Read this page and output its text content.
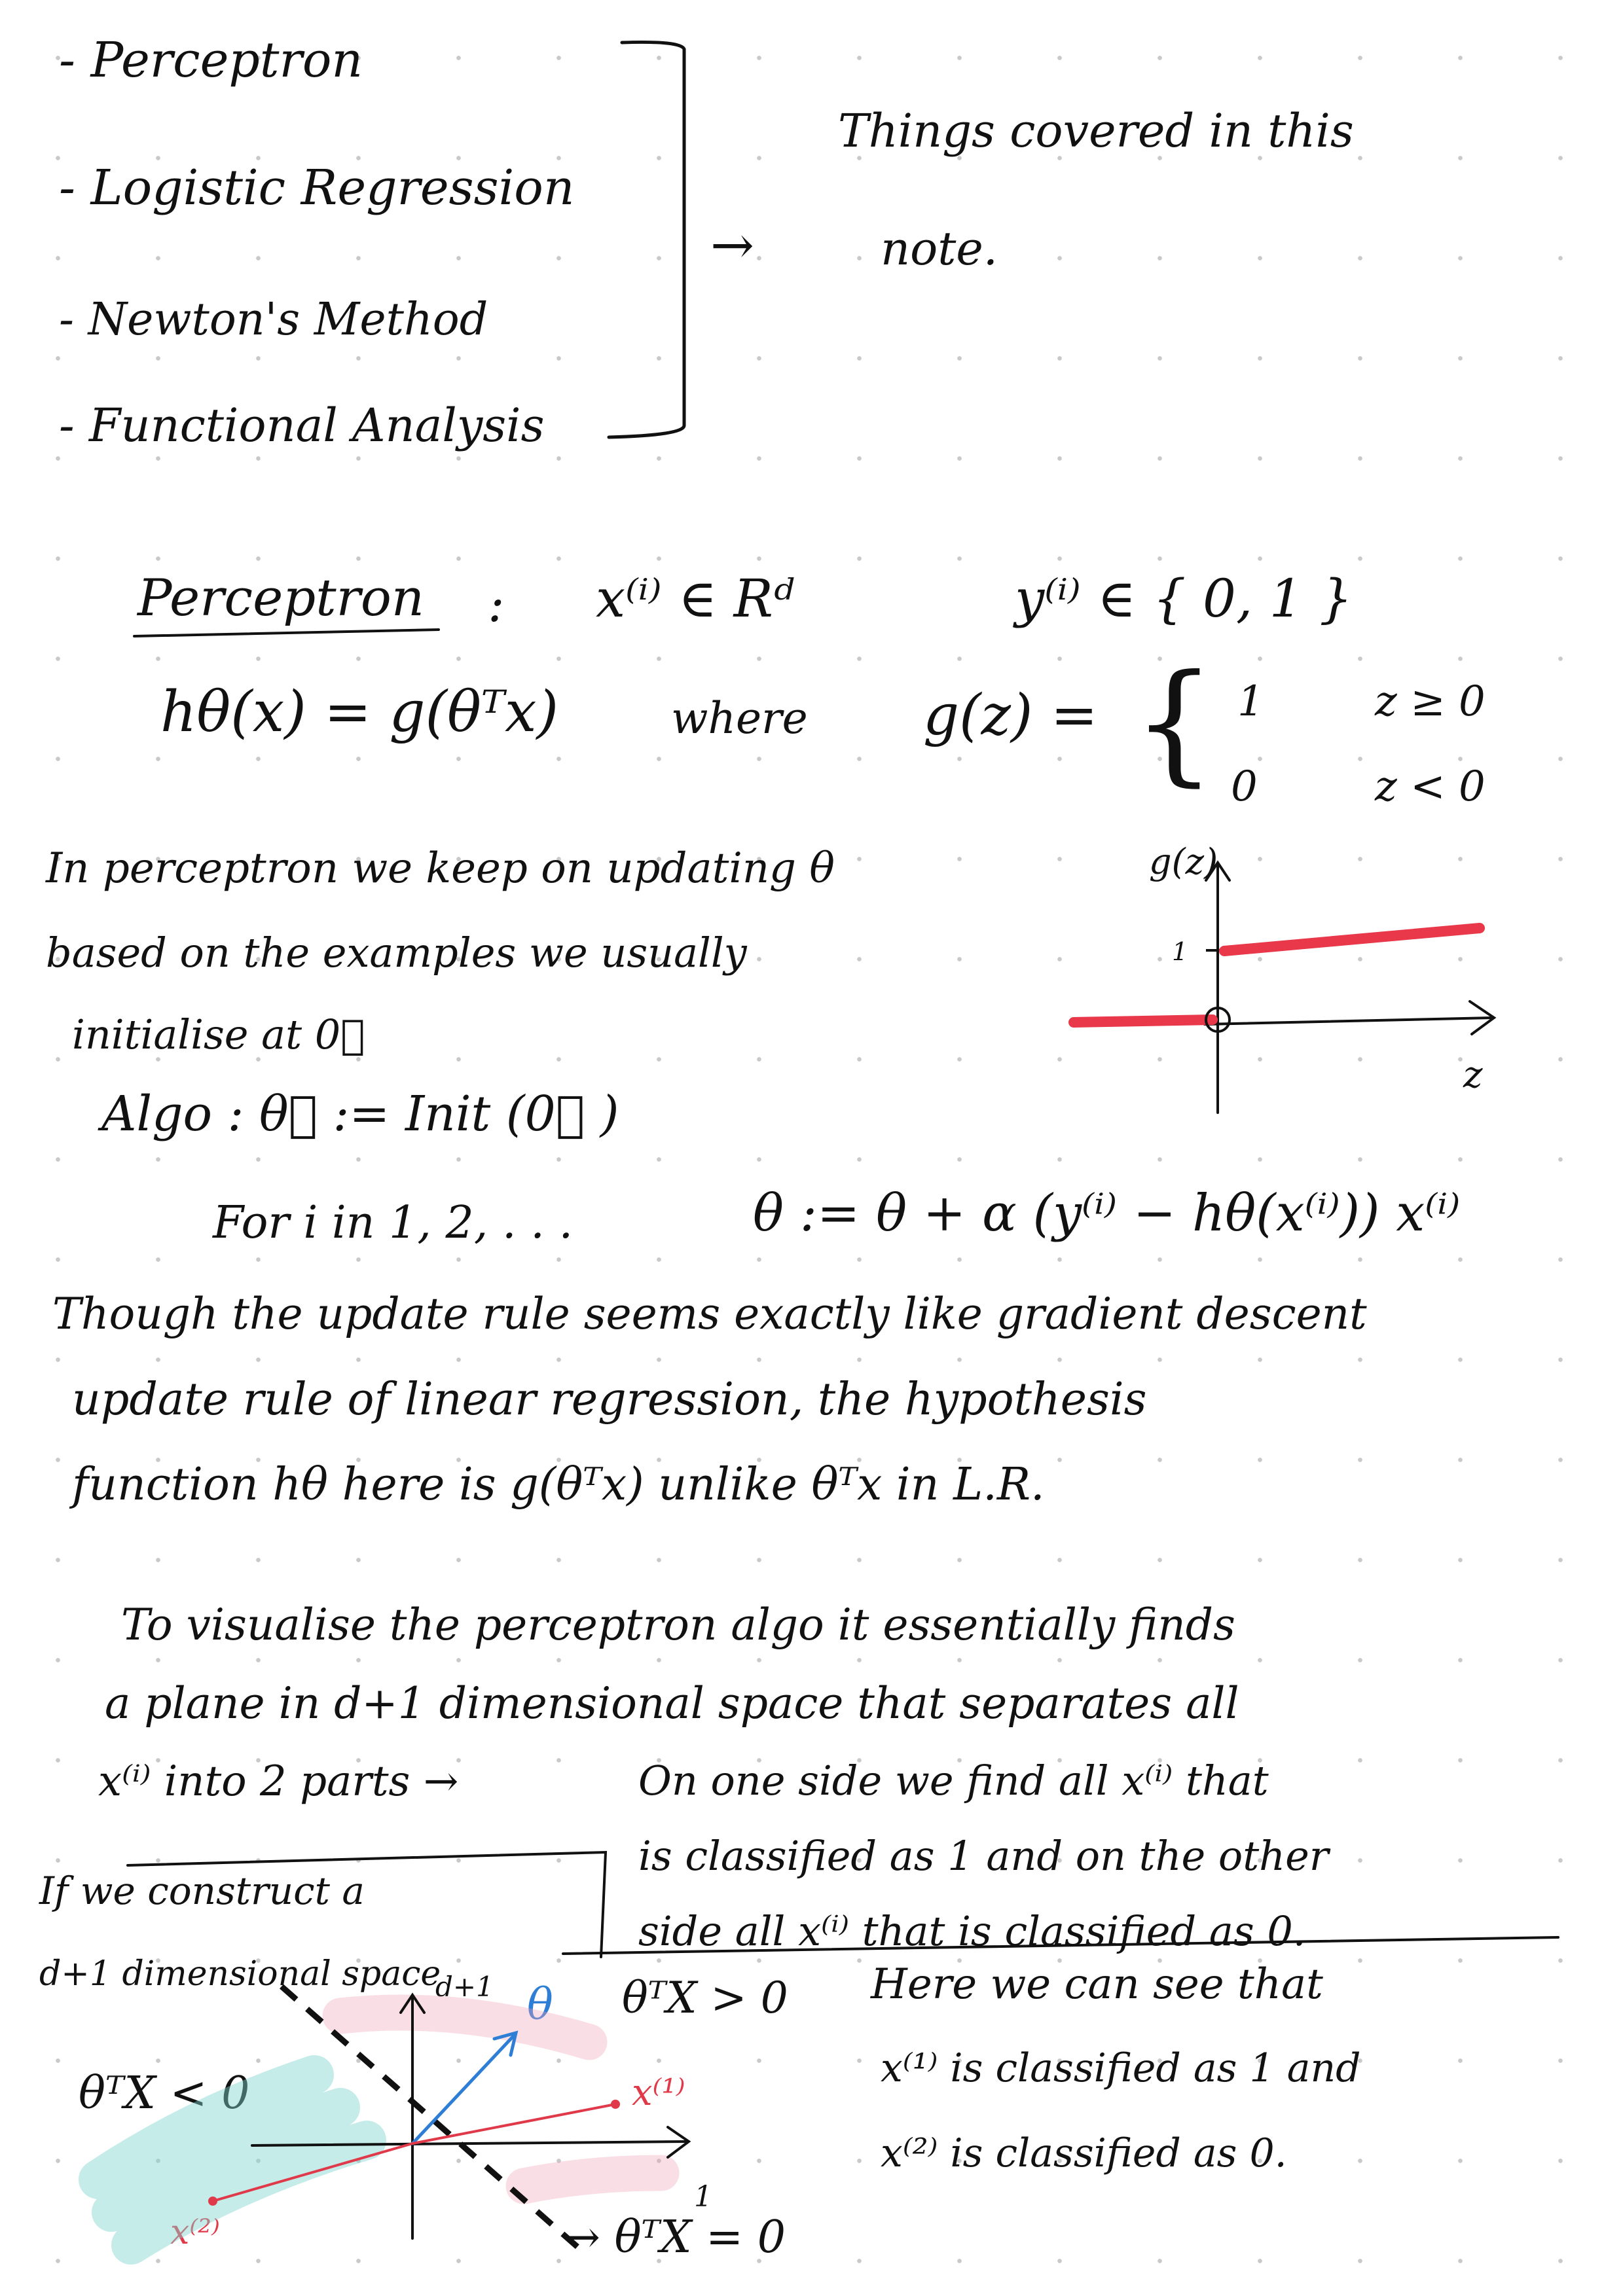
- Perceptron
- Logistic Regression
- Newton's Method
- Functional Analysis
→
Things covered in this
note.
Perceptron : x⁽ⁱ⁾ ∈ Rᵈ	y⁽ⁱ⁾ ∈ { 0, 1 }
hθ(x) = g(θᵀx)	where g(z) = { 1	z ≥ 0
0	z < 0
In perceptron we keep on updating θ
based on the examples we usually
initialise at 0⃗
Algo : θ⃗ := Init (0⃗ )
For i in 1, 2, . . .	θ := θ + α (y⁽ⁱ⁾ − hθ(x⁽ⁱ⁾)) x⁽ⁱ⁾
g(z)
1
z
Though the update rule seems exactly like gradient descent
update rule of linear regression, the hypothesis
function hθ here is g(θᵀx) unlike θᵀx in L.R.
To visualise the perceptron algo it essentially finds
a plane in d+1 dimensional space that separates all
x⁽ⁱ⁾ into 2 parts →	On one side we find all x⁽ⁱ⁾ that
is classified as 1 and on the other
side all x⁽ⁱ⁾ that is classified as 0.
If we construct a
d+1 dimensional space
θᵀX < 0
θᵀX > 0
→ θᵀX = 0
d+1
1
θ
x⁽¹⁾
x⁽²⁾
Here we can see that
x⁽¹⁾ is classified as 1 and
x⁽²⁾ is classified as 0.
